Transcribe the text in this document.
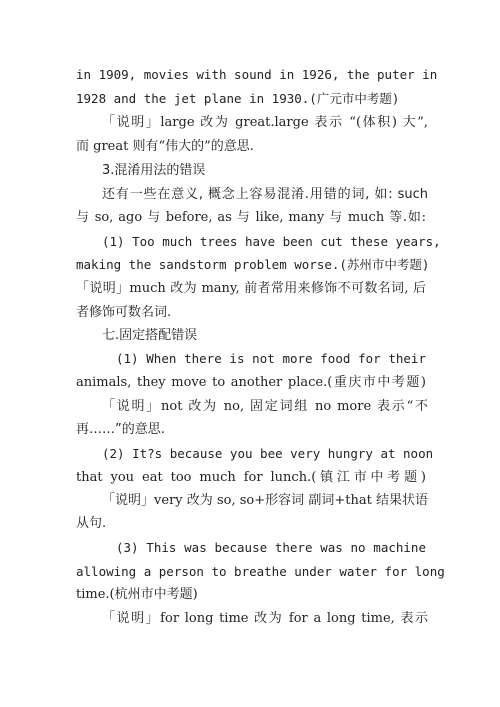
in 1909, movies with sound in 1926, the puter in
1928 and the jet plane in 1930.(广元市中考题)
「说明」large 改为 great.large 表示 “(体积) 大”,
而 great 则有“伟大的”的意思.
3.混淆用法的错误
还有一些在意义, 概念上容易混淆.用错的词, 如: such
与 so, ago 与 before, as 与 like, many 与 much 等.如:
(1) Too much trees have been cut these years,
making the sandstorm problem worse.(苏州市中考题)
「说明」much 改为 many, 前者常用来修饰不可数名词, 后
者修饰可数名词.
七.固定搭配错误
(1) When there is not more food for their
animals, they move to another place.(重庆市中考题)
「说明」not 改为 no, 固定词组 no more 表示“不
再……”的意思.
(2) It?s because you bee very hungry at noon
that you eat too much for lunch.(镇江市中考题)
「说明」very 改为 so, so+形容词 副词+that 结果状语
从句.
(3) This was because there was no machine
allowing a person to breathe under water for long
time.(杭州市中考题)
「说明」for long time 改为 for a long time, 表示
